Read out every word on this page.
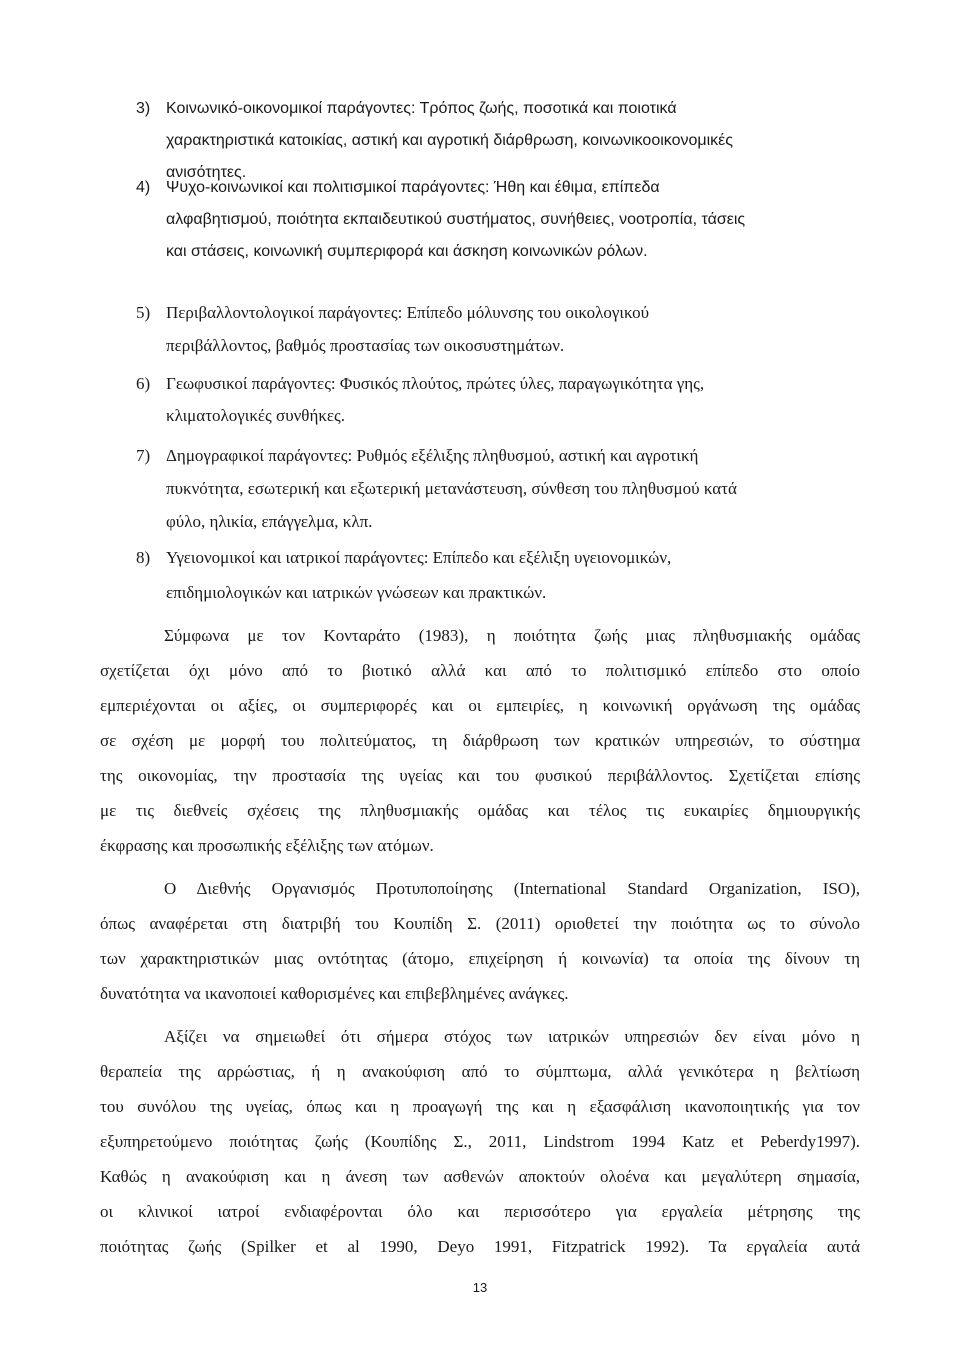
3) Κοινωνικό-οικονομικοί παράγοντες: Τρόπος ζωής, ποσοτικά και ποιοτικά
χαρακτηριστικά κατοικίας, αστική και αγροτική διάρθρωση, κοινωνικοοικονομικές
ανισότητες.
4) Ψυχο-κοινωνικοί και πολιτισμικοί παράγοντες: Ήθη και έθιμα, επίπεδα
αλφαβητισμού, ποιότητα εκπαιδευτικού συστήματος, συνήθειες, νοοτροπία, τάσεις
και στάσεις, κοινωνική συμπεριφορά και άσκηση κοινωνικών ρόλων.
5) Περιβαλλοντολογικοί παράγοντες: Επίπεδο μόλυνσης του οικολογικού
περιβάλλοντος, βαθμός προστασίας των οικοσυστημάτων.
6) Γεωφυσικοί παράγοντες: Φυσικός πλούτος, πρώτες ύλες, παραγωγικότητα γης,
κλιματολογικές συνθήκες.
7) Δημογραφικοί παράγοντες: Ρυθμός εξέλιξης πληθυσμού, αστική και αγροτική
πυκνότητα, εσωτερική και εξωτερική μετανάστευση, σύνθεση του πληθυσμού κατά
φύλο, ηλικία, επάγγελμα, κλπ.
8) Υγειονομικοί και ιατρικοί παράγοντες: Επίπεδο και εξέλιξη υγειονομικών,
επιδημιολογικών και ιατρικών γνώσεων και πρακτικών.
Σύμφωνα με τον Κονταράτο (1983), η ποιότητα ζωής μιας πληθυσμιακής ομάδας
σχετίζεται όχι μόνο από το βιοτικό αλλά και από το πολιτισμικό επίπεδο στο οποίο
εμπεριέχονται οι αξίες, οι συμπεριφορές και οι εμπειρίες, η κοινωνική οργάνωση της ομάδας
σε σχέση με μορφή του πολιτεύματος, τη διάρθρωση των κρατικών υπηρεσιών, το σύστημα
της οικονομίας, την προστασία της υγείας και του φυσικού περιβάλλοντος. Σχετίζεται επίσης
με τις διεθνείς σχέσεις της πληθυσμιακής ομάδας και τέλος τις ευκαιρίες δημιουργικής
έκφρασης και προσωπικής εξέλιξης των ατόμων.
Ο Διεθνής Οργανισμός Προτυποποίησης (International Standard Organization, ISO),
όπως αναφέρεται στη διατριβή του Κουπίδη Σ. (2011) οριοθετεί την ποιότητα ως το σύνολο
των χαρακτηριστικών μιας οντότητας (άτομο, επιχείρηση ή κοινωνία) τα οποία της δίνουν τη
δυνατότητα να ικανοποιεί καθορισμένες και επιβεβλημένες ανάγκες.
Αξίζει να σημειωθεί ότι σήμερα στόχος των ιατρικών υπηρεσιών δεν είναι μόνο η
θεραπεία της αρρώστιας, ή η ανακούφιση από το σύμπτωμα, αλλά γενικότερα η βελτίωση
του συνόλου της υγείας, όπως και η προαγωγή της και η εξασφάλιση ικανοποιητικής για τον
εξυπηρετούμενο ποιότητας ζωής (Κουπίδης Σ., 2011, Lindstrom 1994 Katz et Peberdy1997).
Καθώς η ανακούφιση και η άνεση των ασθενών αποκτούν ολοένα και μεγαλύτερη σημασία,
οι κλινικοί ιατροί ενδιαφέρονται όλο και περισσότερο για εργαλεία μέτρησης της
ποιότητας ζωής (Spilker et al 1990, Deyo 1991, Fitzpatrick 1992). Τα εργαλεία αυτά
13
